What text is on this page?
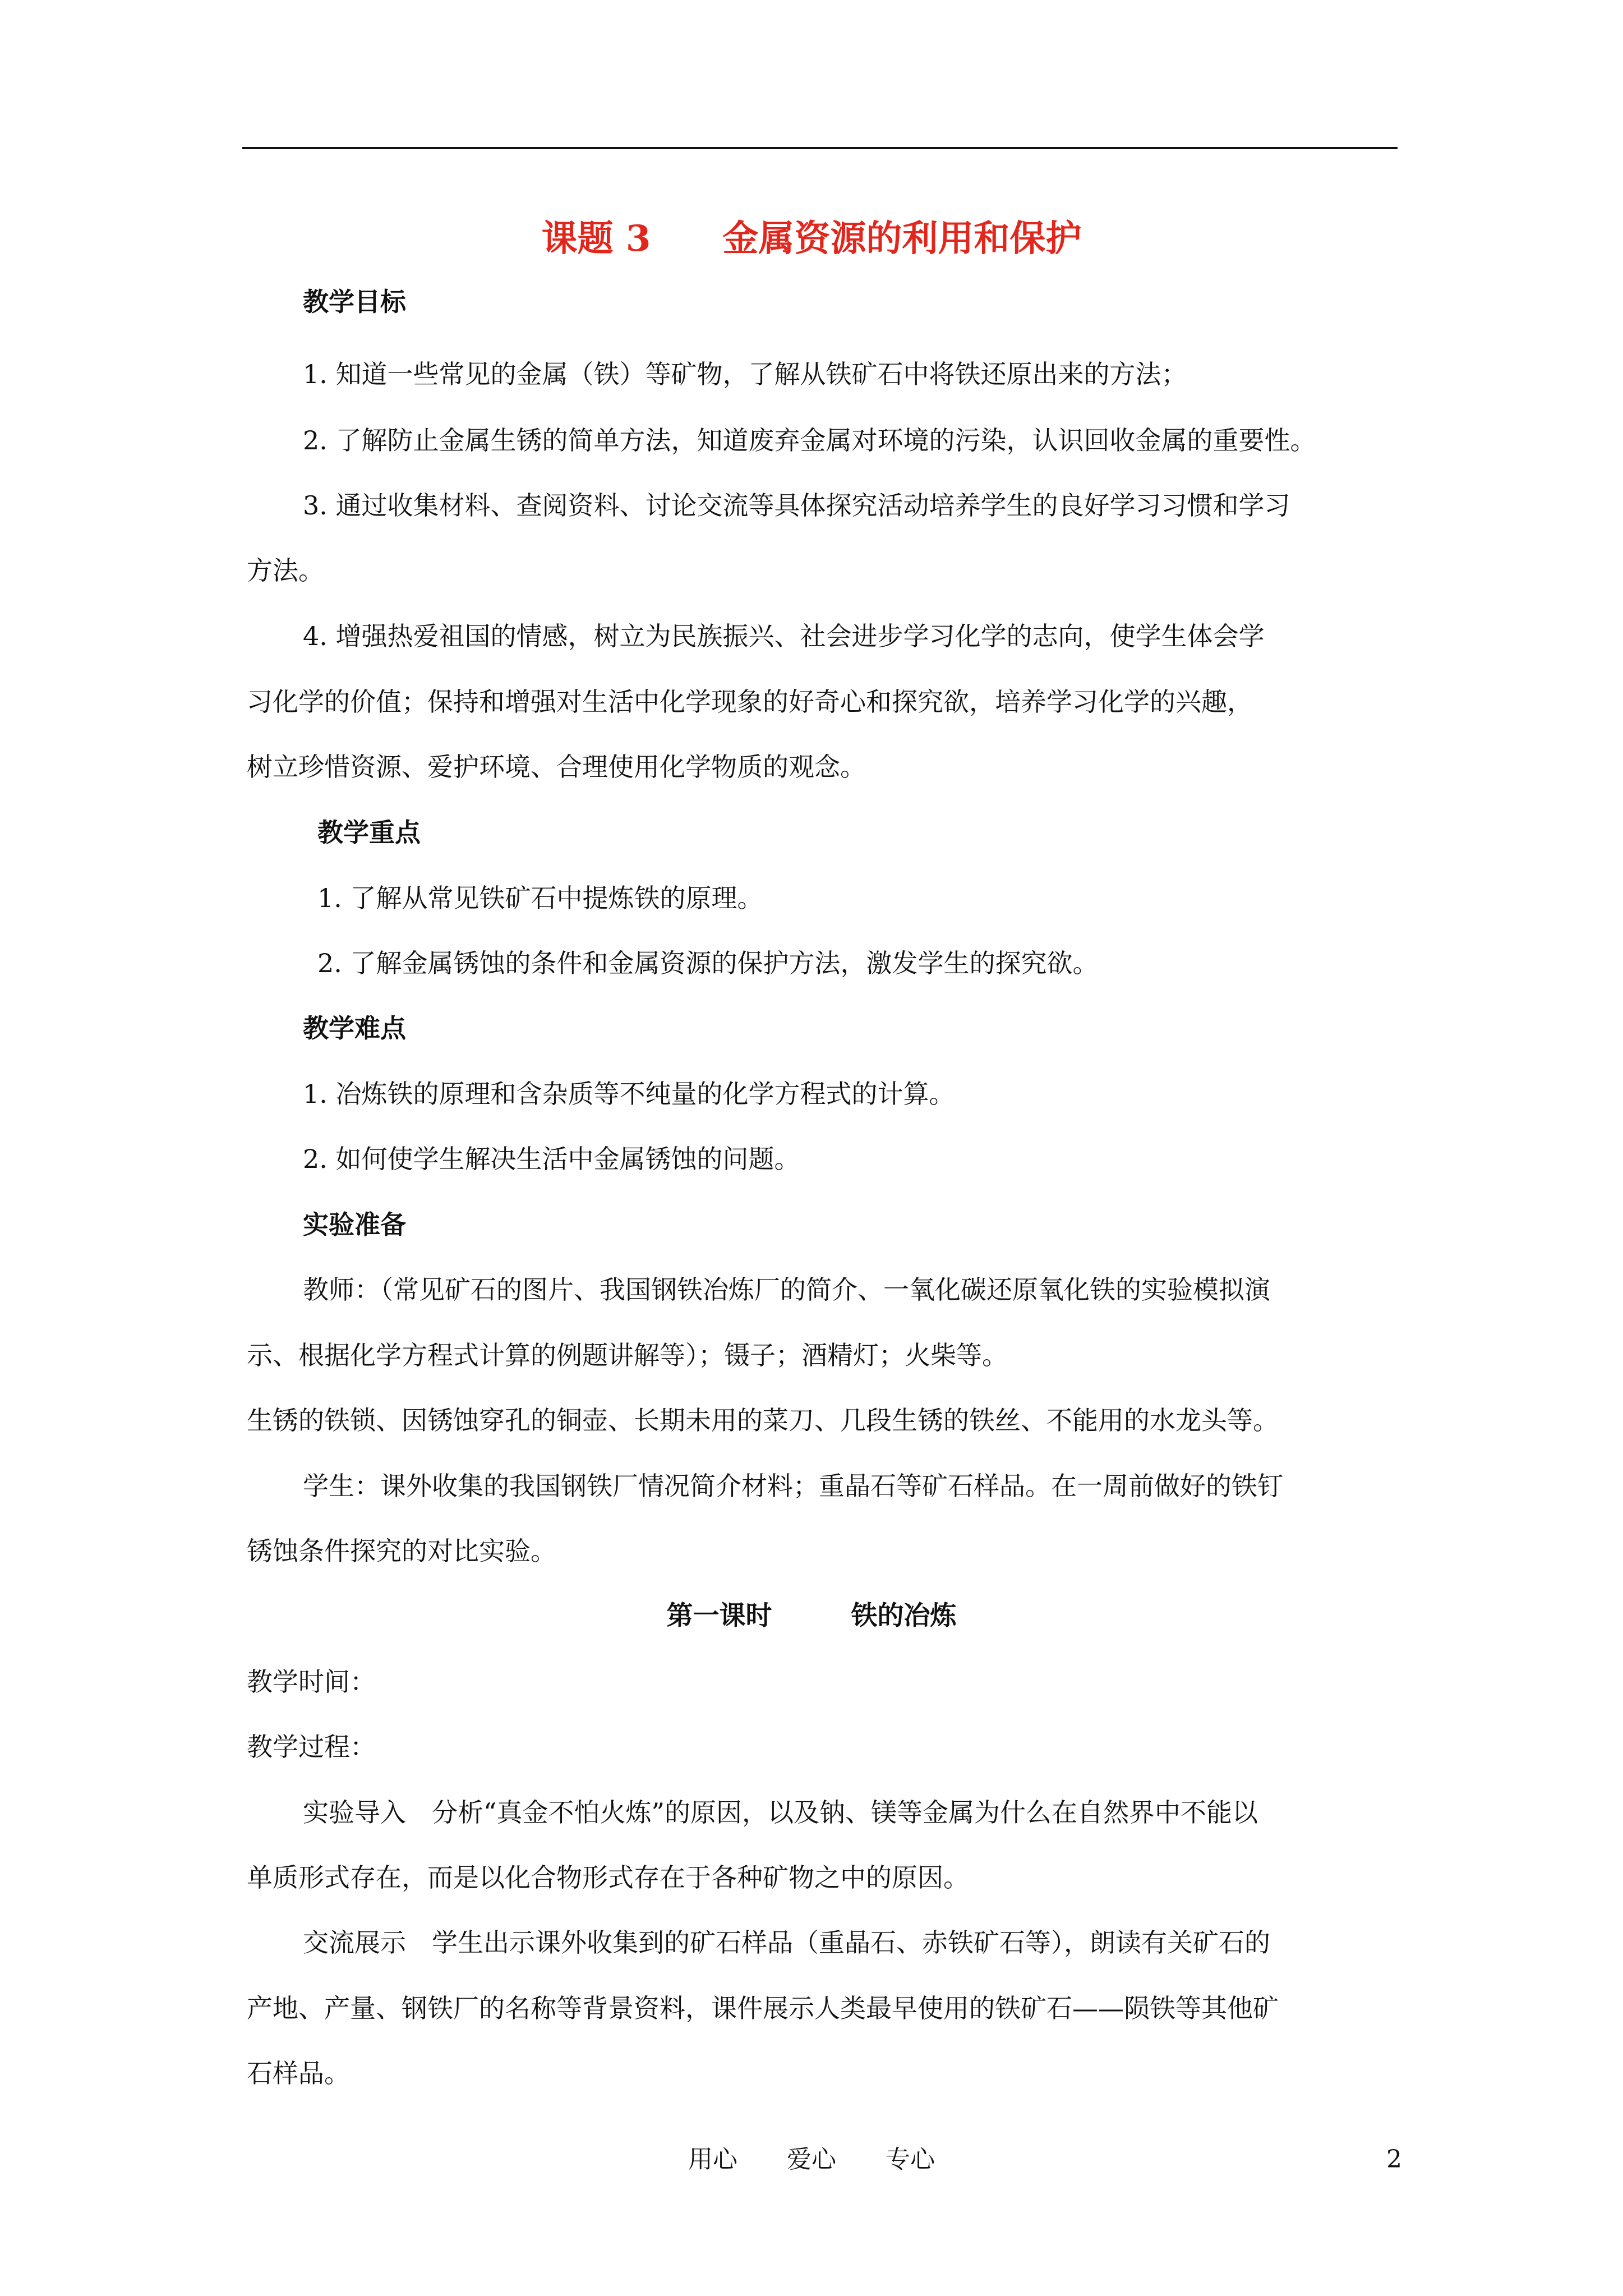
课题 3　　金属资源的利用和保护
教学目标
1. 知道一些常见的金属（铁）等矿物，了解从铁矿石中将铁还原出来的方法；
2. 了解防止金属生锈的简单方法，知道废弃金属对环境的污染，认识回收金属的重要性。
3. 通过收集材料、查阅资料、讨论交流等具体探究活动培养学生的良好学习习惯和学习
方法。
4. 增强热爱祖国的情感，树立为民族振兴、社会进步学习化学的志向，使学生体会学
习化学的价值；保持和增强对生活中化学现象的好奇心和探究欲，培养学习化学的兴趣，
树立珍惜资源、爱护环境、合理使用化学物质的观念。
教学重点
1. 了解从常见铁矿石中提炼铁的原理。
2. 了解金属锈蚀的条件和金属资源的保护方法，激发学生的探究欲。
教学难点
1. 冶炼铁的原理和含杂质等不纯量的化学方程式的计算。
2. 如何使学生解决生活中金属锈蚀的问题。
实验准备
教师：（常见矿石的图片、我国钢铁冶炼厂的简介、一氧化碳还原氧化铁的实验模拟演
示、根据化学方程式计算的例题讲解等）；镊子；酒精灯；火柴等。
生锈的铁锁、因锈蚀穿孔的铜壶、长期未用的菜刀、几段生锈的铁丝、不能用的水龙头等。
学生：课外收集的我国钢铁厂情况简介材料；重晶石等矿石样品。在一周前做好的铁钉
锈蚀条件探究的对比实验。
第一课时　　　铁的冶炼
教学时间：
教学过程：
实验导入　分析“真金不怕火炼”的原因，以及钠、镁等金属为什么在自然界中不能以
单质形式存在，而是以化合物形式存在于各种矿物之中的原因。
交流展示　学生出示课外收集到的矿石样品（重晶石、赤铁矿石等），朗读有关矿石的
产地、产量、钢铁厂的名称等背景资料，课件展示人类最早使用的铁矿石——陨铁等其他矿
石样品。
用心　　爱心　　专心	2
